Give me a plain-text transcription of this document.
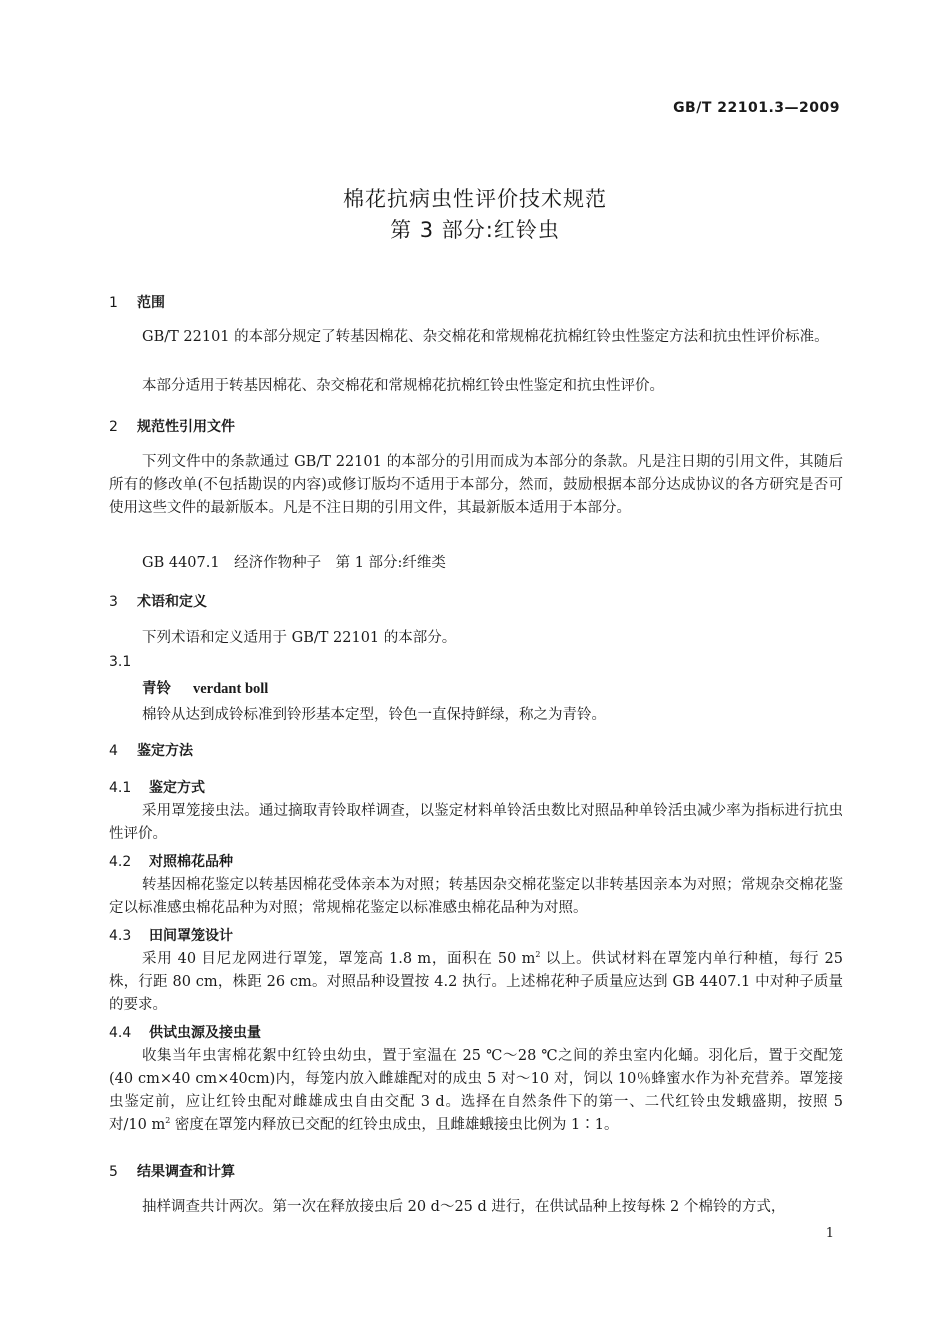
GB/T 22101.3—2009
棉花抗病虫性评价技术规范
第 3 部分:红铃虫
1 范围
GB/T 22101 的本部分规定了转基因棉花、杂交棉花和常规棉花抗棉红铃虫性鉴定方法和抗虫性评价标准。
本部分适用于转基因棉花、杂交棉花和常规棉花抗棉红铃虫性鉴定和抗虫性评价。
2 规范性引用文件
下列文件中的条款通过 GB/T 22101 的本部分的引用而成为本部分的条款。凡是注日期的引用文件，其随后所有的修改单(不包括勘误的内容)或修订版均不适用于本部分，然而，鼓励根据本部分达成协议的各方研究是否可使用这些文件的最新版本。凡是不注日期的引用文件，其最新版本适用于本部分。
GB 4407.1　经济作物种子　第 1 部分:纤维类
3 术语和定义
下列术语和定义适用于 GB/T 22101 的本部分。
3.1
青铃 verdant boll
棉铃从达到成铃标准到铃形基本定型，铃色一直保持鲜绿，称之为青铃。
4 鉴定方法
4.1 鉴定方式
采用罩笼接虫法。通过摘取青铃取样调查，以鉴定材料单铃活虫数比对照品种单铃活虫减少率为指标进行抗虫性评价。
4.2 对照棉花品种
转基因棉花鉴定以转基因棉花受体亲本为对照；转基因杂交棉花鉴定以非转基因亲本为对照；常规杂交棉花鉴定以标准感虫棉花品种为对照；常规棉花鉴定以标准感虫棉花品种为对照。
4.3 田间罩笼设计
采用 40 目尼龙网进行罩笼，罩笼高 1.8 m，面积在 50 $m^2$ 以上。供试材料在罩笼内单行种植，每行 25 株，行距 80 cm，株距 26 cm。对照品种设置按 4.2 执行。上述棉花种子质量应达到 GB 4407.1 中对种子质量的要求。
4.4 供试虫源及接虫量
收集当年虫害棉花絮中红铃虫幼虫，置于室温在 25 ℃～28 ℃之间的养虫室内化蛹。羽化后，置于交配笼(40 cm×40 cm×40cm)内，每笼内放入雌雄配对的成虫 5 对～10 对，饲以 10％蜂蜜水作为补充营养。罩笼接虫鉴定前，应让红铃虫配对雌雄成虫自由交配 3 d。选择在自然条件下的第一、二代红铃虫发蛾盛期，按照 5 对/10 $m^2$ 密度在罩笼内释放已交配的红铃虫成虫，且雌雄蛾接虫比例为 1∶1。
5 结果调查和计算
抽样调查共计两次。第一次在释放接虫后 20 d～25 d 进行，在供试品种上按每株 2 个棉铃的方式，
1
